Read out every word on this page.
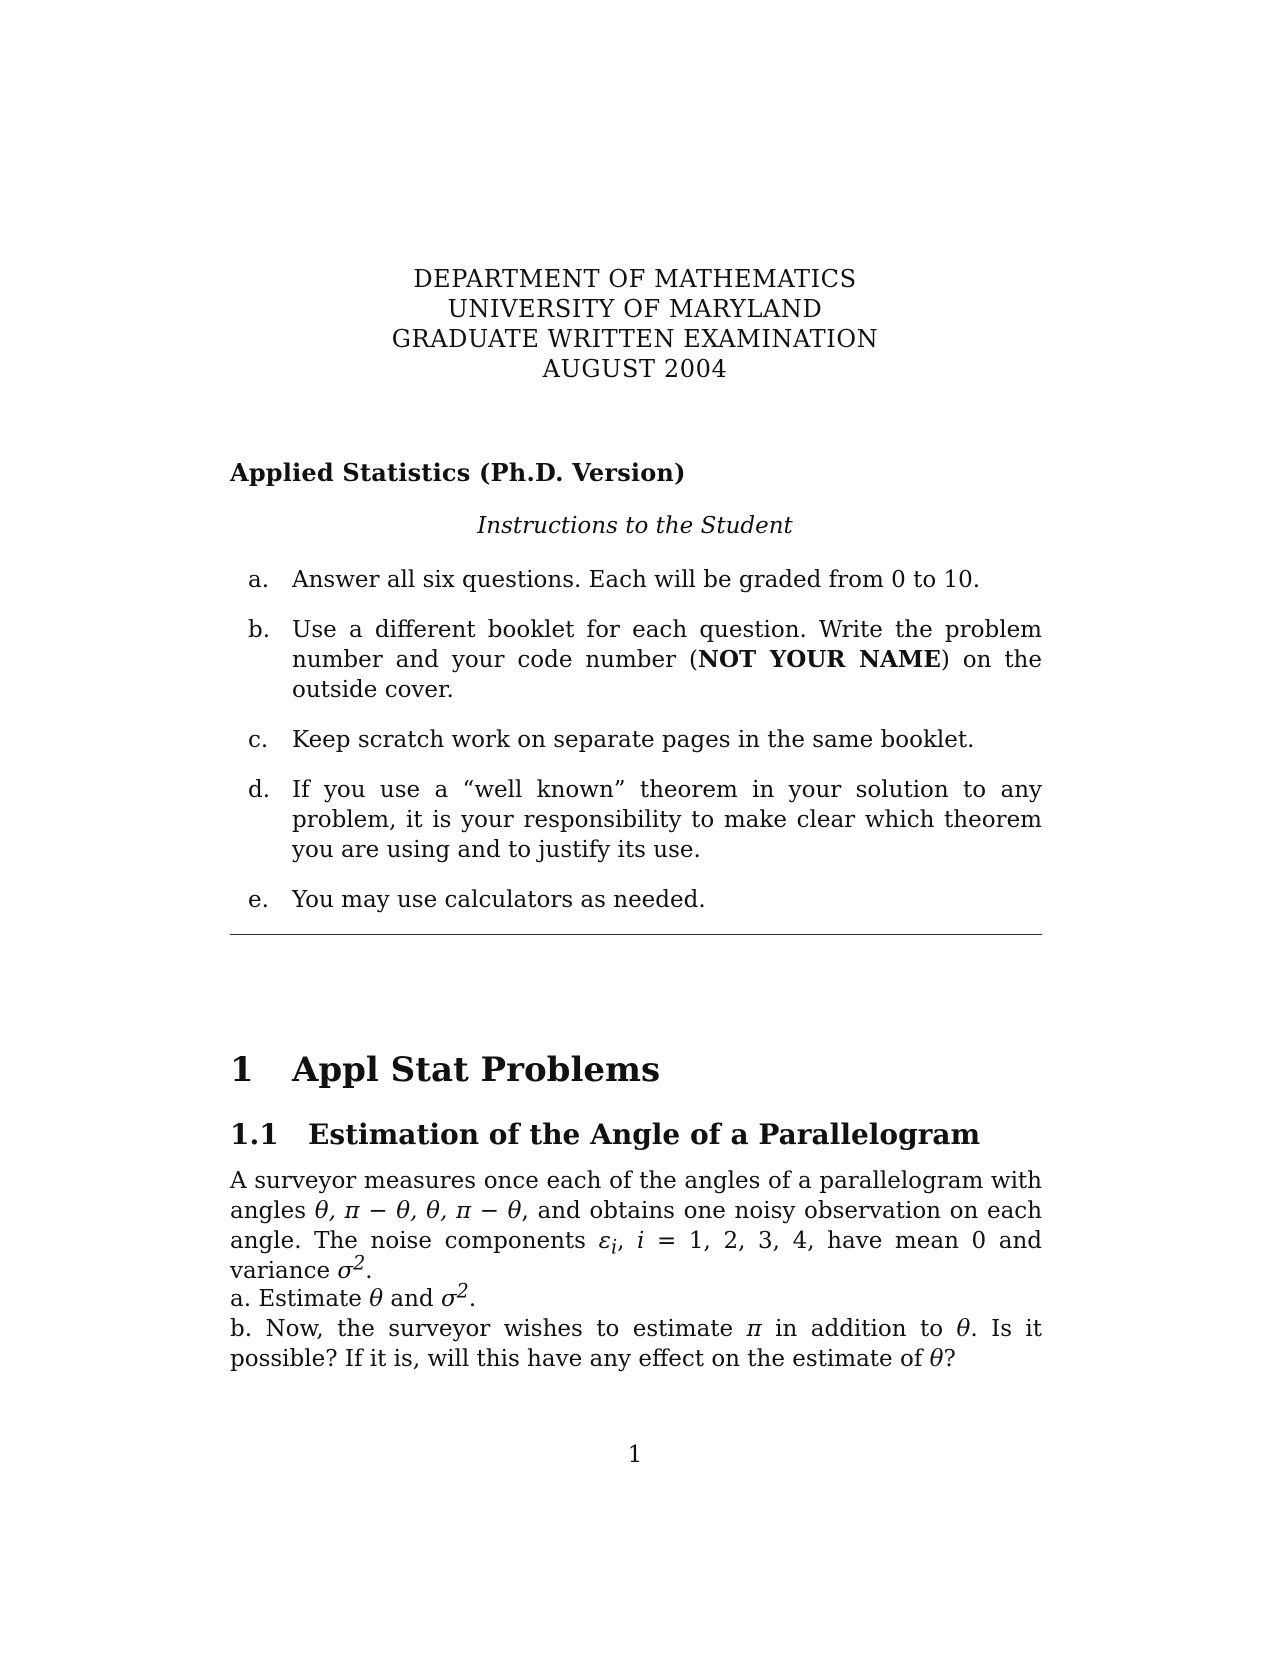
DEPARTMENT OF MATHEMATICS
UNIVERSITY OF MARYLAND
GRADUATE WRITTEN EXAMINATION
AUGUST 2004
Applied Statistics (Ph.D. Version)
Instructions to the Student
a. Answer all six questions. Each will be graded from 0 to 10.
b. Use a different booklet for each question. Write the problem number and your code number (NOT YOUR NAME) on the outside cover.
c.	Keep scratch work on separate pages in the same booklet.
d. If you use a “well known” theorem in your solution to any problem, it is your responsibility to make clear which theorem you are using and to justify its use.
e.	You may use calculators as needed.
1 Appl Stat Problems
1.1 Estimation of the Angle of a Parallelogram
A surveyor measures once each of the angles of a parallelogram with angles θ, π − θ, θ, π − θ, and obtains one noisy observation on each angle. The noise components $\varepsilon_i$, i = 1, 2, 3, 4, have mean 0 and variance $\sigma^2$.
a. Estimate θ and $\sigma^2$.
b. Now, the surveyor wishes to estimate π in addition to θ. Is it possible? If it is, will this have any effect on the estimate of θ?
1
